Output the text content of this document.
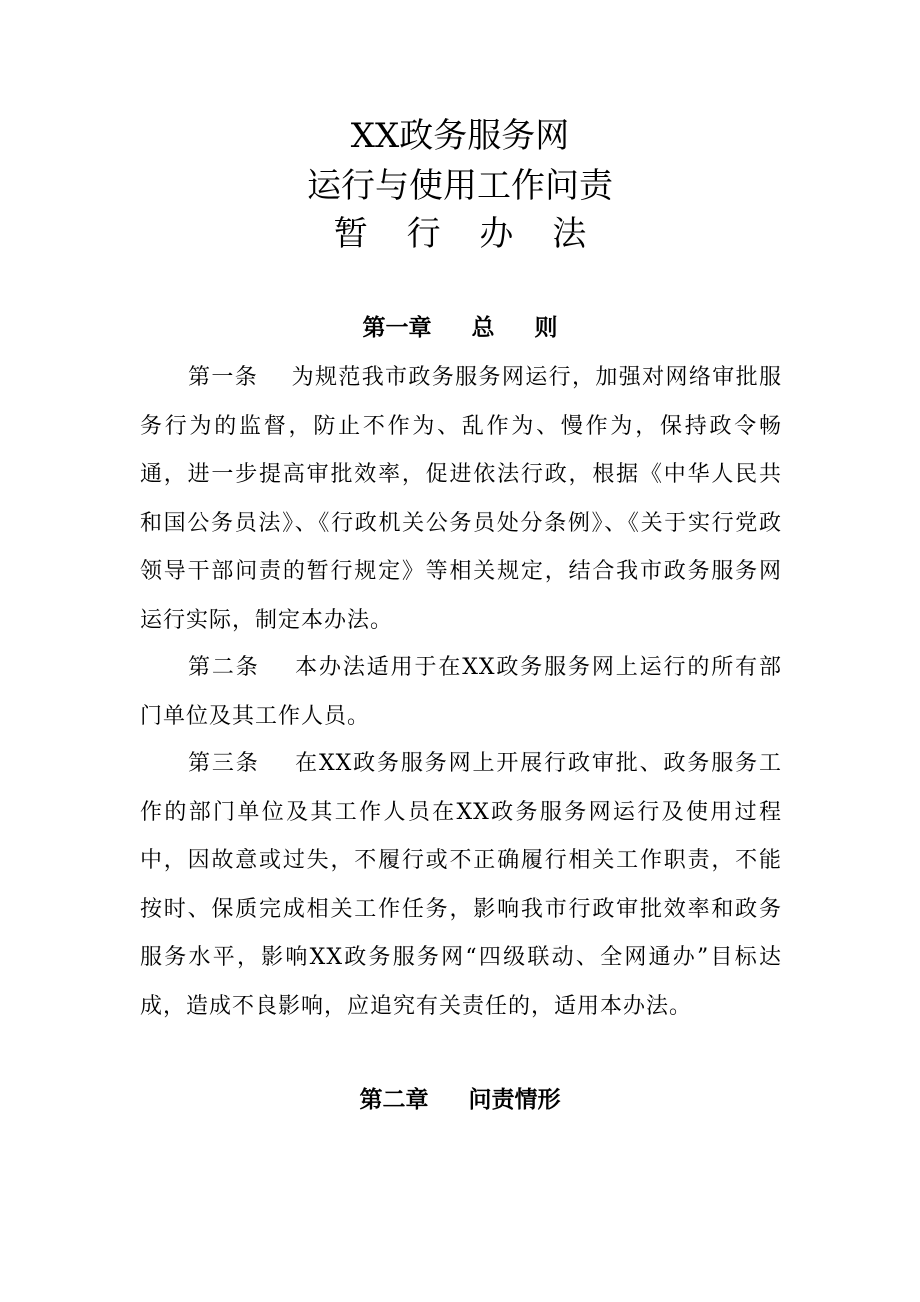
XX政务服务网
运行与使用工作问责
暂 行 办 法
第一章     总     则
第一条 为规范我市政务服务网运行，加强对网络审批服务行为的监督，防止不作为、乱作为、慢作为，保持政令畅通，进一步提高审批效率，促进依法行政，根据《中华人民共和国公务员法》、《行政机关公务员处分条例》、《关于实行党政领导干部问责的暂行规定》等相关规定，结合我市政务服务网运行实际，制定本办法。
第二条 本办法适用于在XX政务服务网上运行的所有部门单位及其工作人员。
第三条 在XX政务服务网上开展行政审批、政务服务工作的部门单位及其工作人员在XX政务服务网运行及使用过程中，因故意或过失，不履行或不正确履行相关工作职责，不能按时、保质完成相关工作任务，影响我市行政审批效率和政务服务水平，影响XX政务服务网“四级联动、全网通办”目标达成，造成不良影响，应追究有关责任的，适用本办法。
第二章     问责情形
